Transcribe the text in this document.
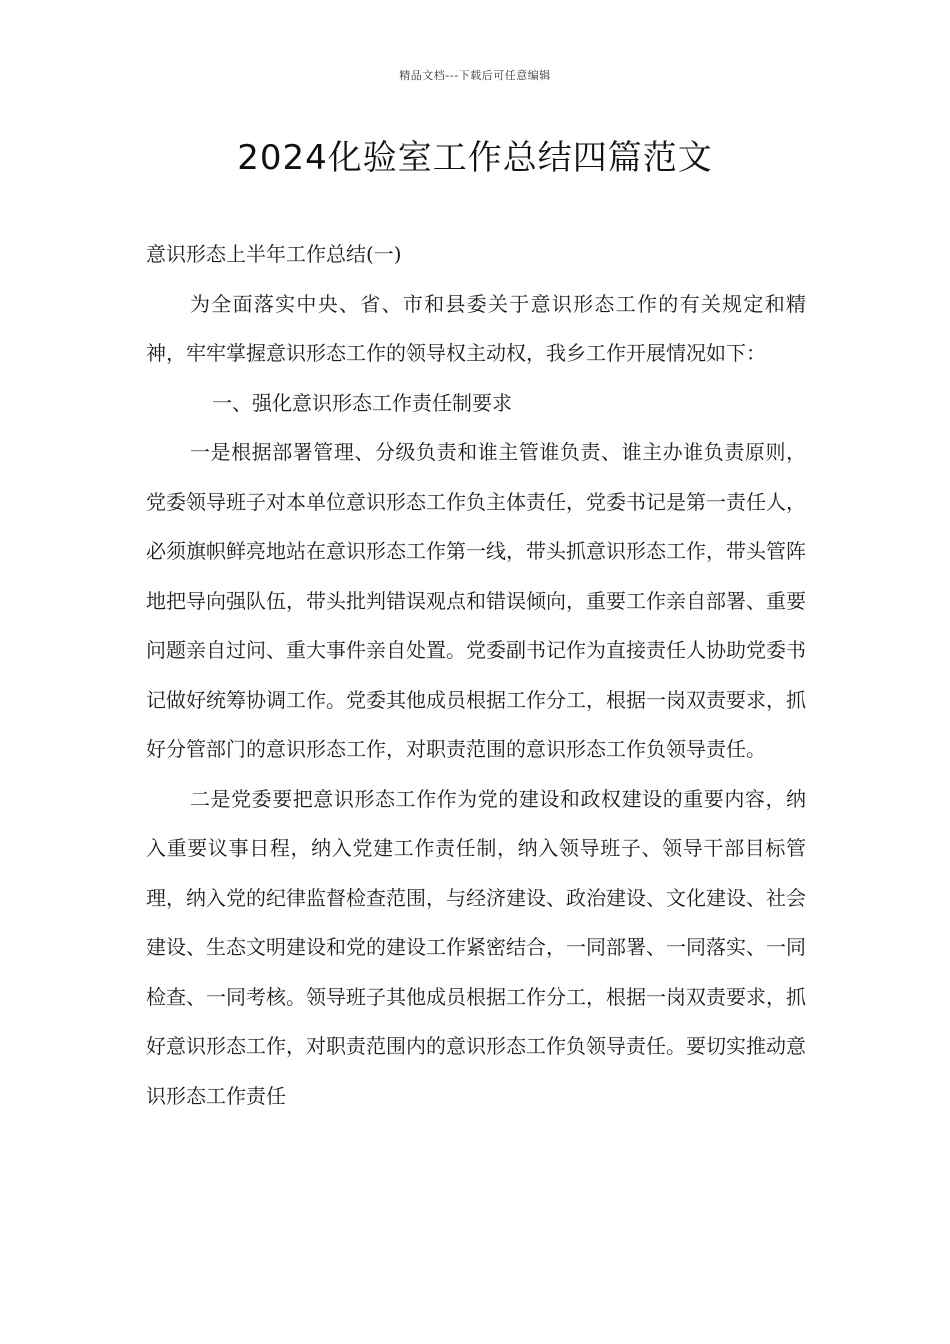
精品文档---下载后可任意编辑
2024化验室工作总结四篇范文

意识形态上半年工作总结(一)

为全面落实中央、省、市和县委关于意识形态工作的有关规定和精神，牢牢掌握意识形态工作的领导权主动权，我乡工作开展情况如下：

一、强化意识形态工作责任制要求

一是根据部署管理、分级负责和谁主管谁负责、谁主办谁负责原则，党委领导班子对本单位意识形态工作负主体责任，党委书记是第一责任人，必须旗帜鲜亮地站在意识形态工作第一线，带头抓意识形态工作，带头管阵地把导向强队伍，带头批判错误观点和错误倾向，重要工作亲自部署、重要问题亲自过问、重大事件亲自处置。党委副书记作为直接责任人协助党委书记做好统筹协调工作。党委其他成员根据工作分工，根据一岗双责要求，抓好分管部门的意识形态工作，对职责范围的意识形态工作负领导责任。

二是党委要把意识形态工作作为党的建设和政权建设的重要内容，纳入重要议事日程，纳入党建工作责任制，纳入领导班子、领导干部目标管理，纳入党的纪律监督检查范围，与经济建设、政治建设、文化建设、社会建设、生态文明建设和党的建设工作紧密结合，一同部署、一同落实、一同检查、一同考核。领导班子其他成员根据工作分工，根据一岗双责要求，抓好意识形态工作，对职责范围内的意识形态工作负领导责任。要切实推动意识形态工作责任
